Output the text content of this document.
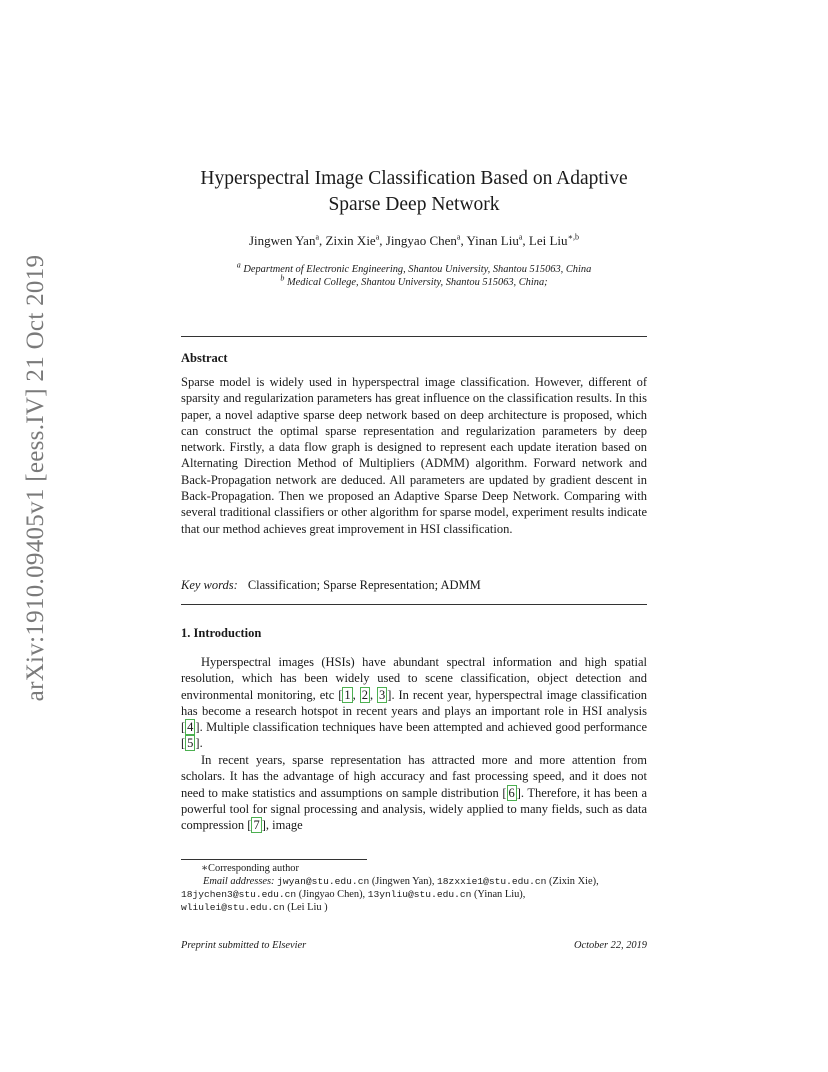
arXiv:1910.09405v1 [eess.IV] 21 Oct 2019
Hyperspectral Image Classification Based on Adaptive
Sparse Deep Network
Jingwen Yan$^a$, Zixin Xie$^a$, Jingyao Chen$^a$, Yinan Liu$^a$, Lei Liu$^{∗,b}$
$^a$ Department of Electronic Engineering, Shantou University, Shantou 515063, China
$^b$ Medical College, Shantou University, Shantou 515063, China;
Abstract
Sparse model is widely used in hyperspectral image classification. However, different of sparsity and regularization parameters has great influence on the classification results. In this paper, a novel adaptive sparse deep network based on deep architecture is proposed, which can construct the optimal sparse representation and regularization parameters by deep network. Firstly, a data flow graph is designed to represent each update iteration based on Alternating Direction Method of Multipliers (ADMM) algorithm. Forward network and Back-Propagation network are deduced. All parameters are updated by gradient descent in Back-Propagation. Then we proposed an Adaptive Sparse Deep Network. Comparing with several traditional classifiers or other algorithm for sparse model, experiment results indicate that our method achieves great improvement in HSI classification.
Key words: Classification; Sparse Representation; ADMM
1. Introduction
Hyperspectral images (HSIs) have abundant spectral information and high spatial resolution, which has been widely used to scene classification, object detection and environmental monitoring, etc [ 1 , 2 , 3 ]. In recent year, hyperspectral image classification has become a research hotspot in recent years and plays an important role in HSI analysis [ 4 ]. Multiple classification techniques have been attempted and achieved good performance [ 5 ].
In recent years, sparse representation has attracted more and more attention from scholars. It has the advantage of high accuracy and fast processing speed, and it does not need to make statistics and assumptions on sample distribution [ 6 ]. Therefore, it has been a powerful tool for signal processing and analysis, widely applied to many fields, such as data compression [ 7 ], image
∗Corresponding author
Email addresses: jwyan@stu.edu.cn (Jingwen Yan), 18zxxie1@stu.edu.cn (Zixin Xie),
18jychen3@stu.edu.cn (Jingyao Chen), 13ynliu@stu.edu.cn (Yinan Liu),
wliulei@stu.edu.cn (Lei Liu )
Preprint submitted to Elsevier	October 22, 2019
